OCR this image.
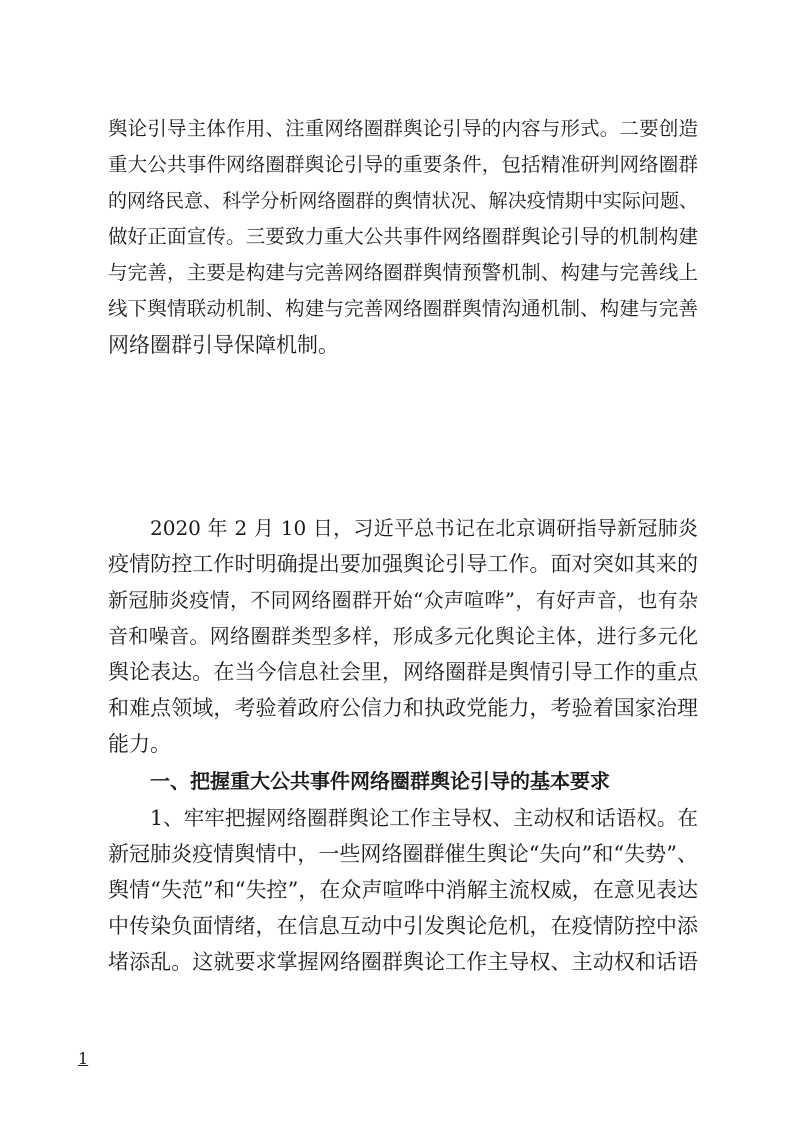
舆论引导主体作用、注重网络圈群舆论引导的内容与形式。二要创造
重大公共事件网络圈群舆论引导的重要条件，包括精准研判网络圈群
的网络民意、科学分析网络圈群的舆情状况、解决疫情期中实际问题、
做好正面宣传。三要致力重大公共事件网络圈群舆论引导的机制构建
与完善，主要是构建与完善网络圈群舆情预警机制、构建与完善线上
线下舆情联动机制、构建与完善网络圈群舆情沟通机制、构建与完善
网络圈群引导保障机制。
2020 年 2 月 10 日，习近平总书记在北京调研指导新冠肺炎
疫情防控工作时明确提出要加强舆论引导工作。面对突如其来的
新冠肺炎疫情，不同网络圈群开始“众声喧哗”，有好声音，也有杂
音和噪音。网络圈群类型多样，形成多元化舆论主体，进行多元化
舆论表达。在当今信息社会里，网络圈群是舆情引导工作的重点
和难点领域，考验着政府公信力和执政党能力，考验着国家治理
能力。
一、把握重大公共事件网络圈群舆论引导的基本要求
1、牢牢把握网络圈群舆论工作主导权、主动权和话语权。在
新冠肺炎疫情舆情中，一些网络圈群催生舆论“失向”和“失势”、
舆情“失范”和“失控”，在众声喧哗中消解主流权威，在意见表达
中传染负面情绪，在信息互动中引发舆论危机，在疫情防控中添
堵添乱。这就要求掌握网络圈群舆论工作主导权、主动权和话语
1
